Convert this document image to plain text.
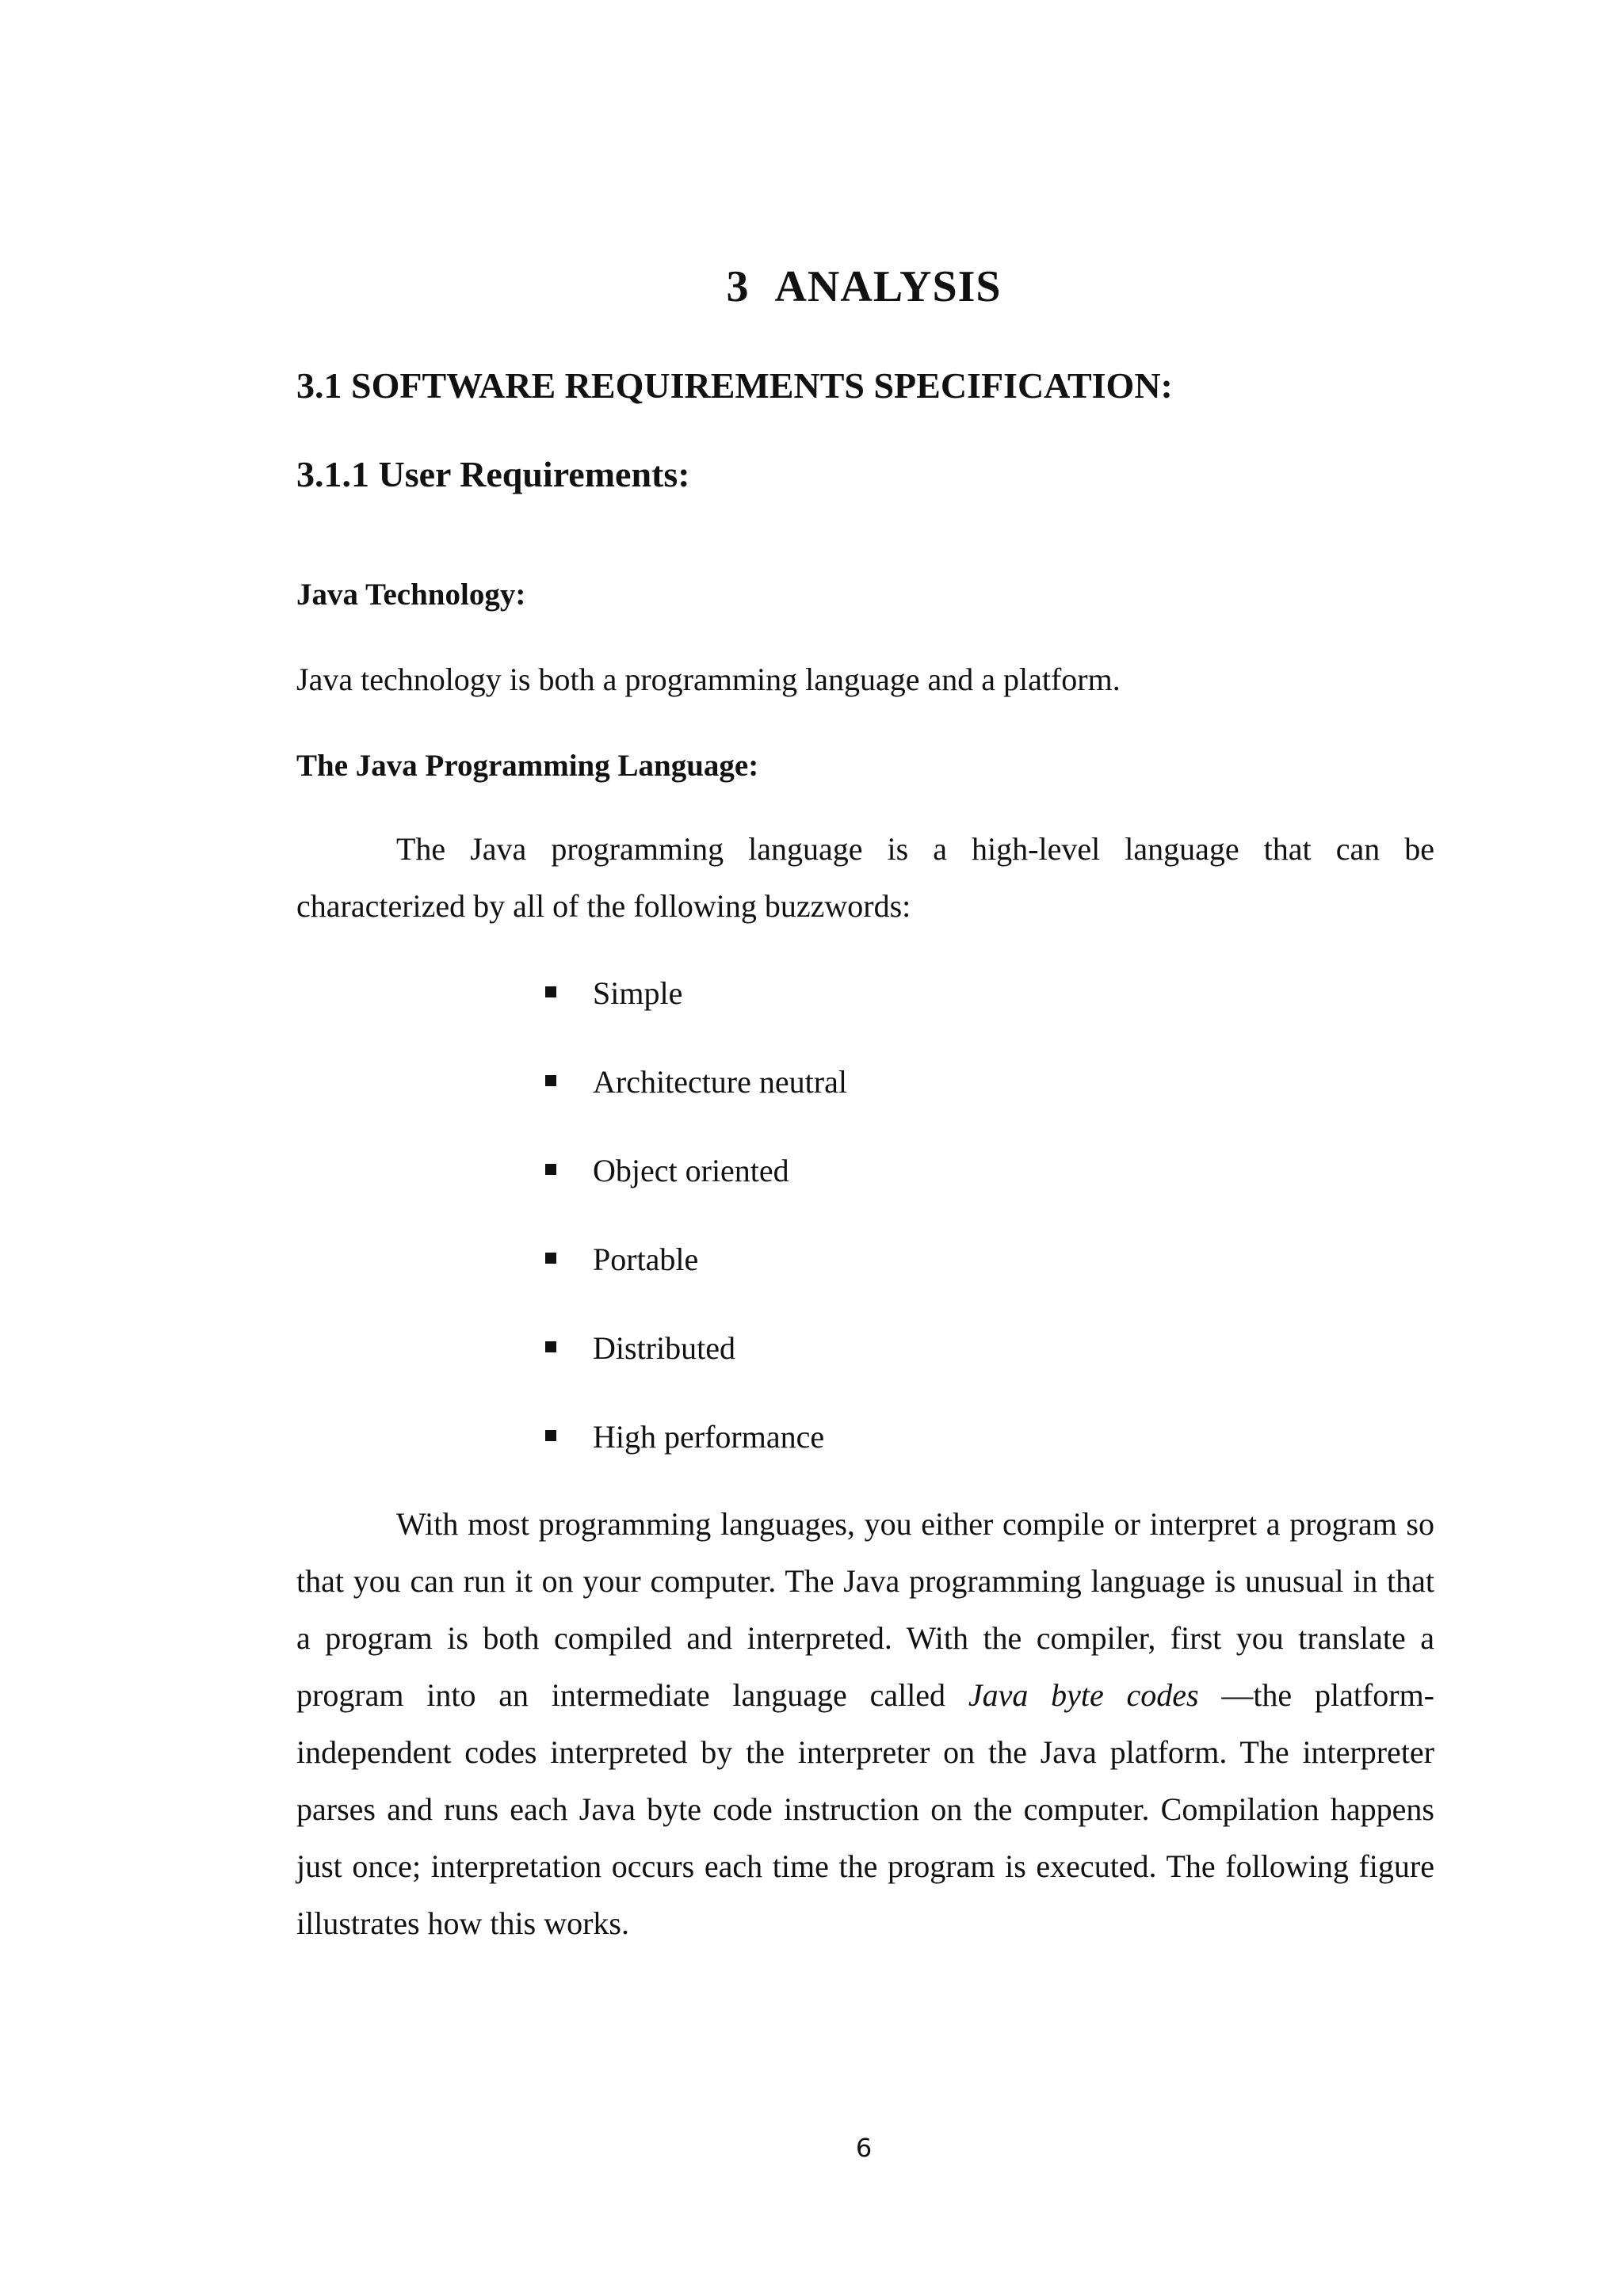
3 ANALYSIS
3.1 SOFTWARE REQUIREMENTS SPECIFICATION:
3.1.1 User Requirements:
Java Technology:

Java technology is both a programming language and a platform.

The Java Programming Language:

The Java programming language is a high-level language that can be characterized by all of the following buzzwords:

Simple
Architecture neutral
Object oriented
Portable
Distributed
High performance

With most programming languages, you either compile or interpret a program so that you can run it on your computer. The Java programming language is unusual in that a program is both compiled and interpreted. With the compiler, first you translate a program into an intermediate language called Java byte codes —the platform-independent codes interpreted by the interpreter on the Java platform. The interpreter parses and runs each Java byte code instruction on the computer. Compilation happens just once; interpretation occurs each time the program is executed. The following figure illustrates how this works.

6
